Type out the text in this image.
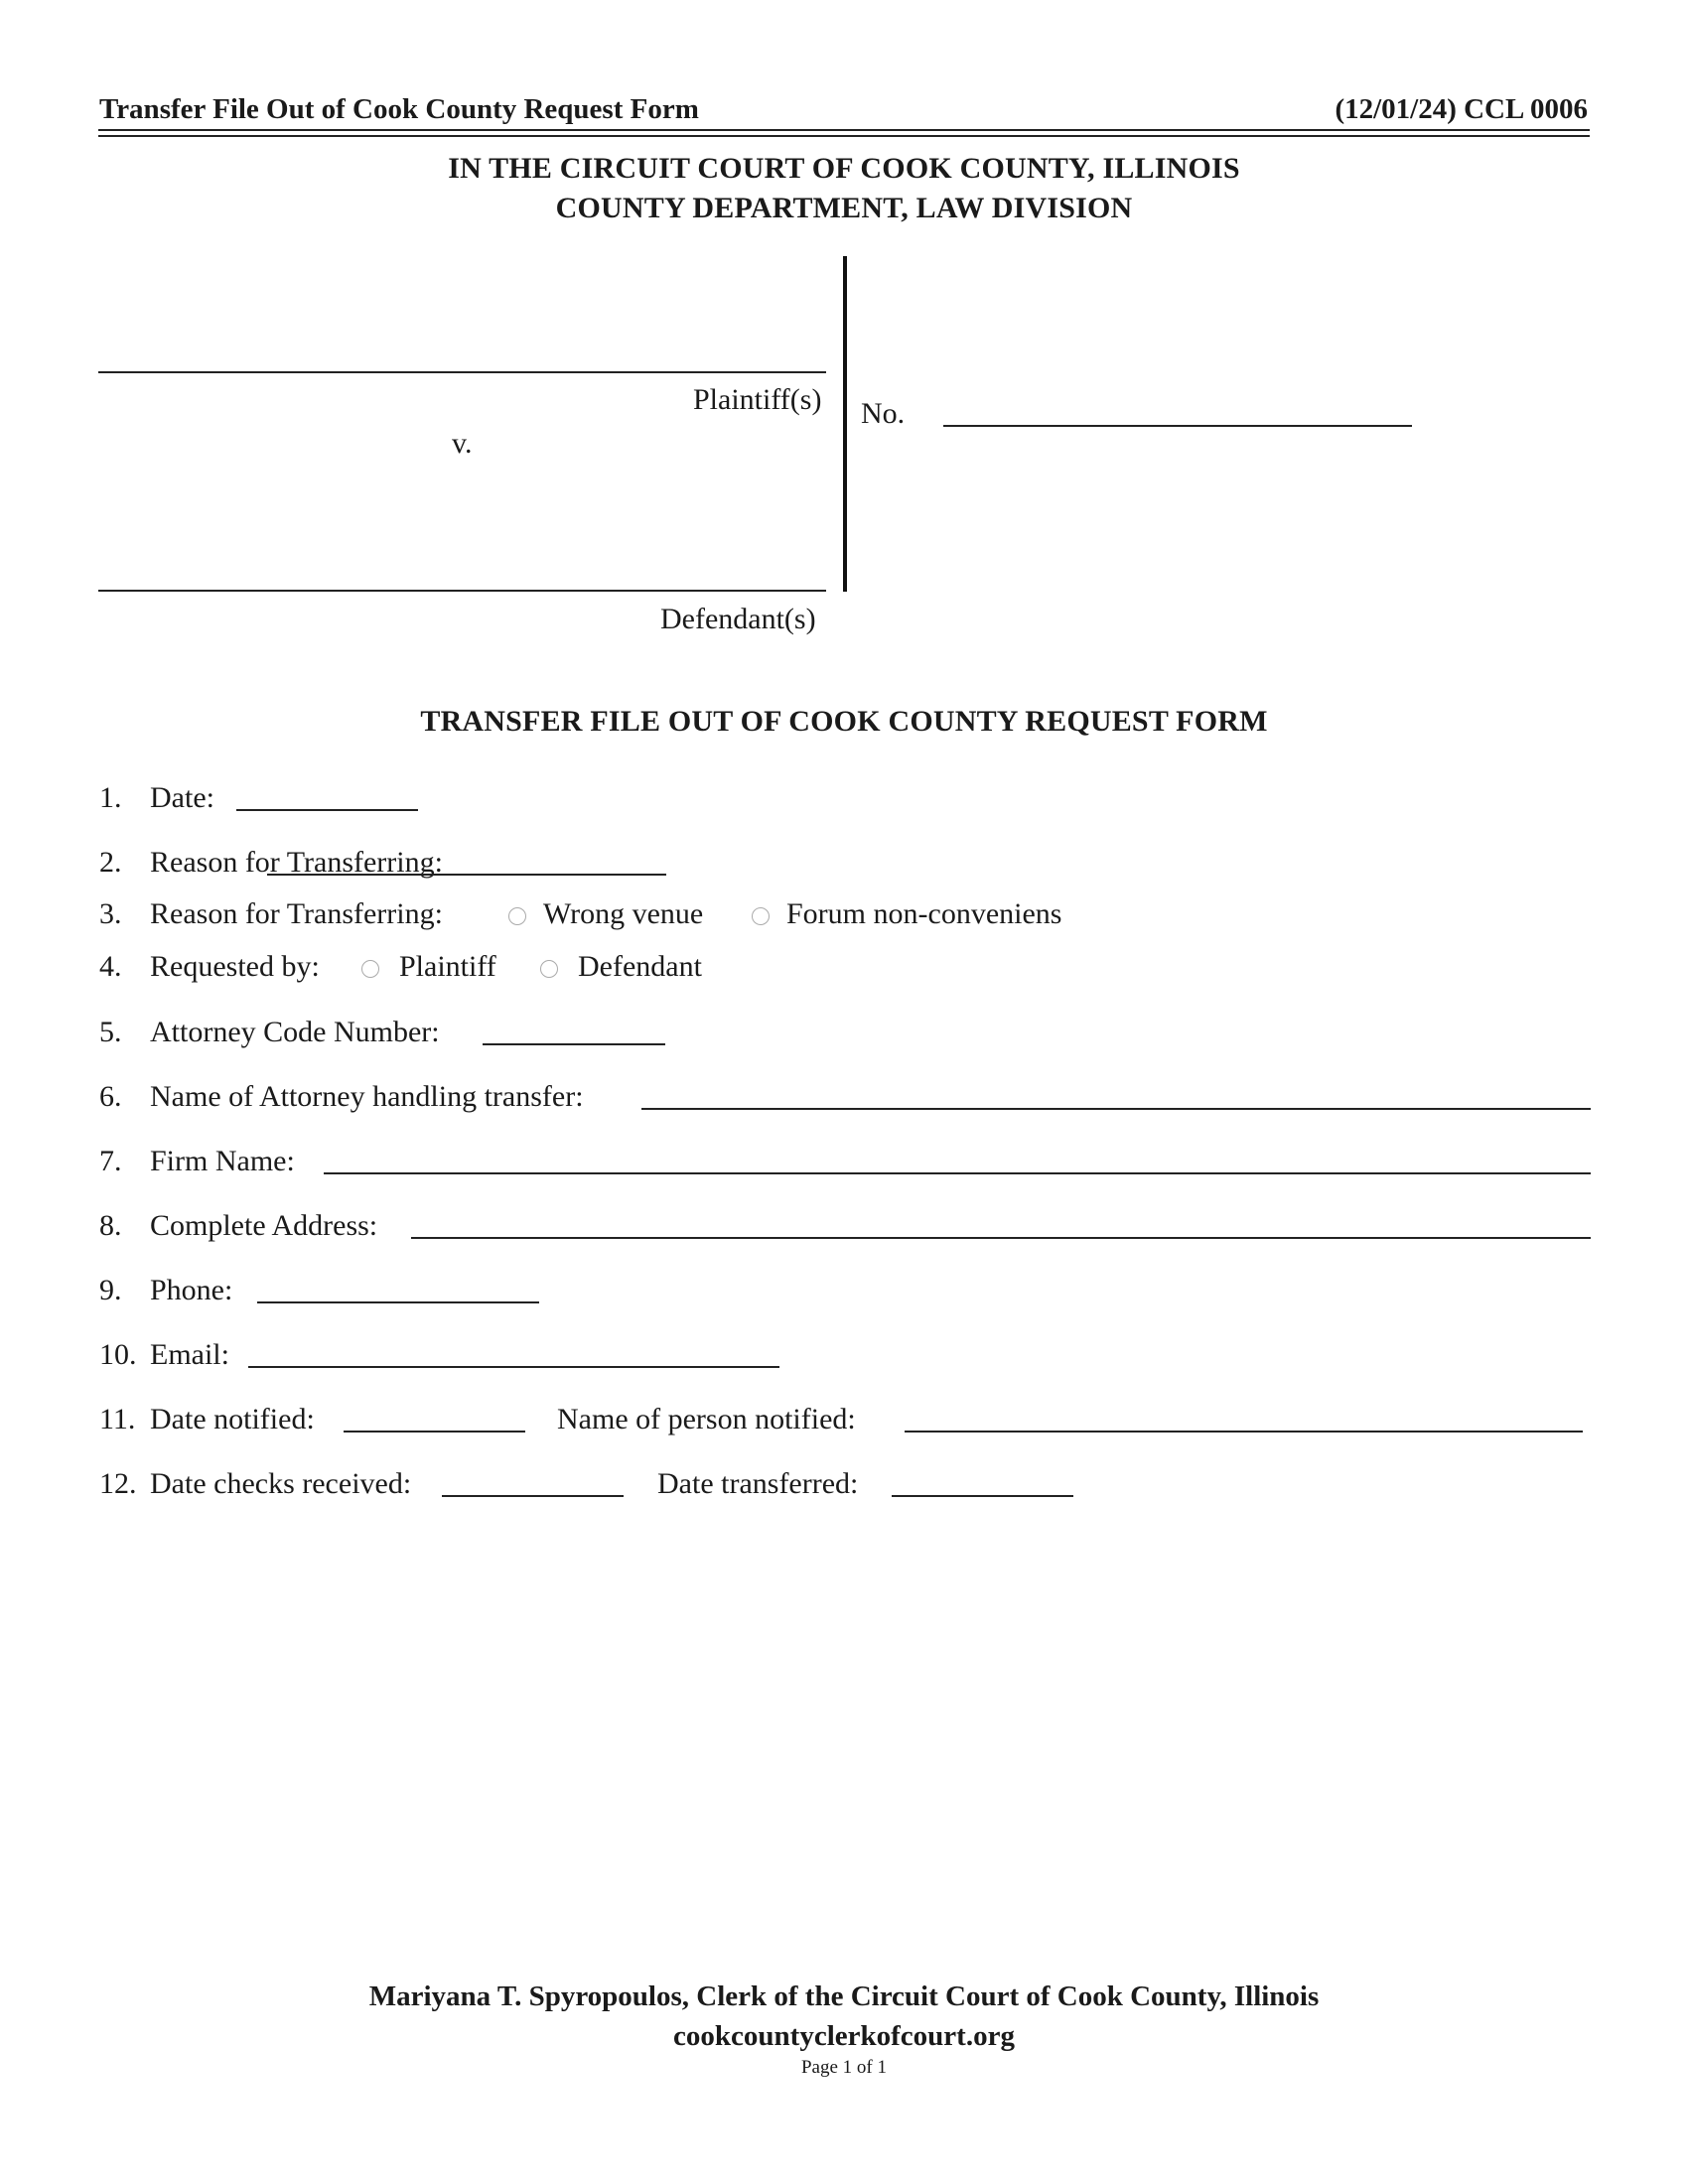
Transfer File Out of Cook County Request Form	(12/01/24) CCL 0006
IN THE CIRCUIT COURT OF COOK COUNTY, ILLINOIS
COUNTY DEPARTMENT, LAW DIVISION
Plaintiff(s)
v.
Defendant(s)
No.
TRANSFER FILE OUT OF COOK COUNTY REQUEST FORM
1. Date:
2. Reason for Transferring:
3. Reason for Transferring:	Wrong venue	Forum non-conveniens
4. Requested by:	Plaintiff	Defendant
5. Attorney Code Number:
6. Name of Attorney handling transfer:
7. Firm Name:
8. Complete Address:
9. Phone:
10. Email:
11. Date notified:	Name of person notified:
12. Date checks received:	Date transferred:
Mariyana T. Spyropoulos, Clerk of the Circuit Court of Cook County, Illinois
cookcountyclerkofcourt.org
Page 1 of 1
